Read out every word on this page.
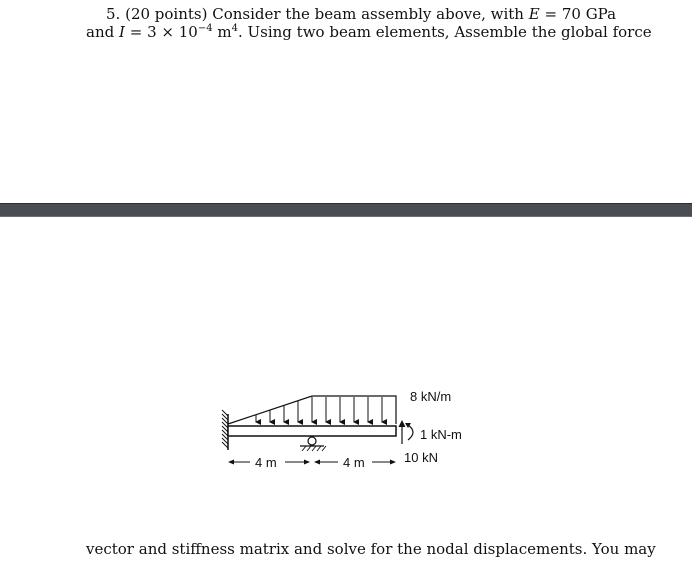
5. (20 points) Consider the beam assembly above, with E = 70 GPa
and $I = 3 \times 10^{-4}$ $m^4$. Using two beam elements, Assemble the global force
8 kN/m
1 kN-m
10 kN
4 m	4 m
vector and stiffness matrix and solve for the nodal displacements. You may
